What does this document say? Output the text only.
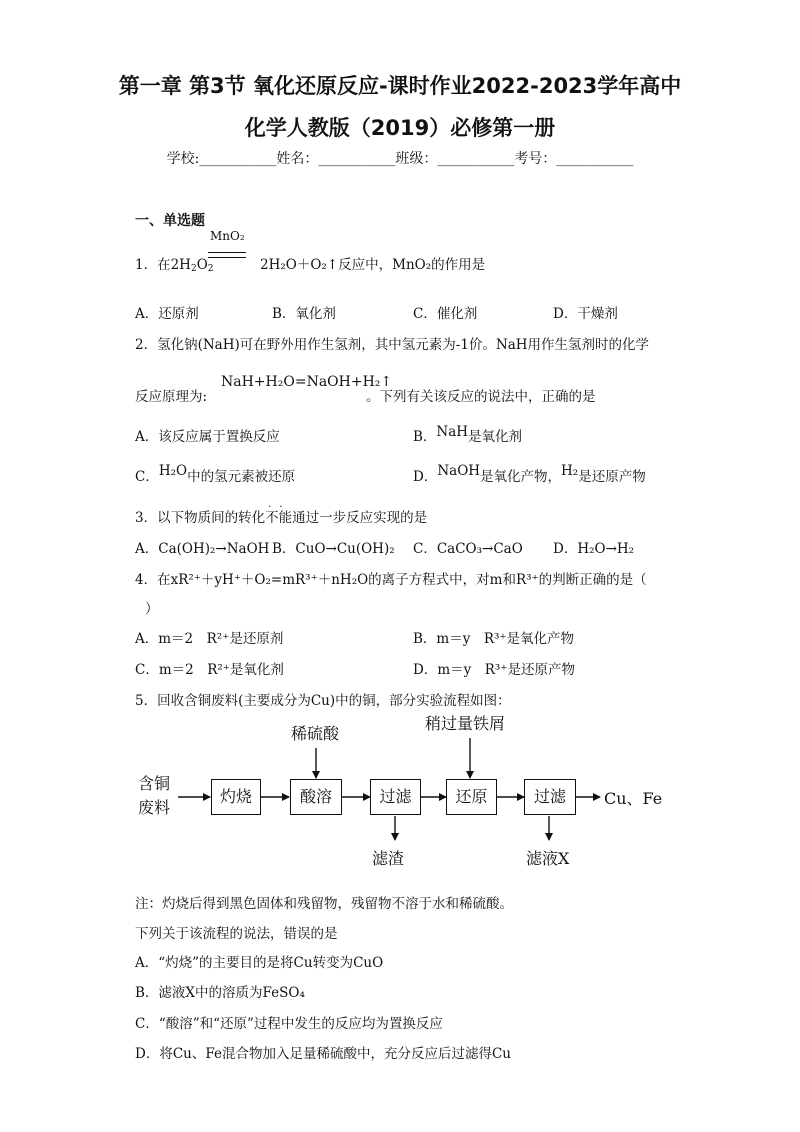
第一章 第3节 氧化还原反应-课时作业2022-2023学年高中
化学人教版（2019）必修第一册
学校:___________姓名：___________班级：___________考号：___________
一、单选题
1．在$2H_2O_2$
MnO₂
2H₂O＋O₂↑反应中，MnO₂的作用是
A．还原剂	B．氧化剂	C．催化剂	D．干燥剂
2．氢化钠(NaH)可在野外用作生氢剂，其中氢元素为-1价。NaH用作生氢剂时的化学
反应原理为:
NaH+H₂O=NaOH+H₂↑
。下列有关该反应的说法中，正确的是
A．该反应属于置换反应	B．NaH是氧化剂
C．H₂O中的氢元素被还原	D．NaOH是氧化产物，H₂是还原产物
3．以下物质间的转化不能
··
通过一步反应实现的是
A．Ca(OH)₂→NaOH B．CuO→Cu(OH)₂ C．CaCO₃→CaO D．H₂O→H₂
4．在xR²⁺＋yH⁺＋O₂=mR³⁺＋nH₂O的离子方程式中，对m和R³⁺的判断正确的是（
）
A．m＝2　R²⁺是还原剂	B．m＝y　R³⁺是氧化产物
C．m＝2　R²⁺是氧化剂	D．m＝y　R³⁺是还原产物
5．回收含铜废料(主要成分为Cu)中的铜，部分实验流程如图：
含铜
废料
灼烧	酸溶	过滤	还原	过滤
稀硫酸
稍过量铁屑
滤渣	滤液X
Cu、Fe
注：灼烧后得到黑色固体和残留物，残留物不溶于水和稀硫酸。
下列关于该流程的说法，错误的是
A．“灼烧”的主要目的是将Cu转变为CuO
B．滤液X中的溶质为FeSO₄
C．“酸溶”和“还原”过程中发生的反应均为置换反应
D．将Cu、Fe混合物加入足量稀硫酸中，充分反应后过滤得Cu
